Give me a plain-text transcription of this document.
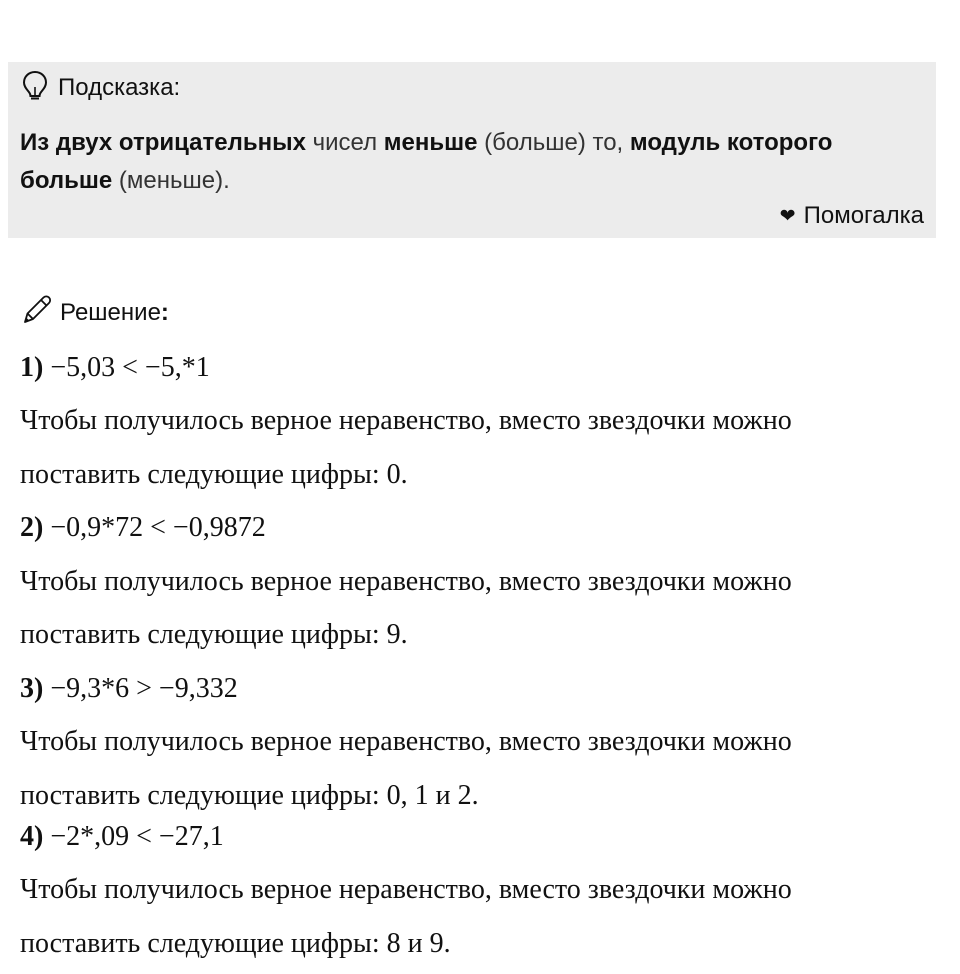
Подсказка:
Из двух отрицательных чисел меньше (больше) то, модуль которого
больше (меньше).
❤ Помогалка
Решение :
1) −5,03 < −5,*1
Чтобы получилось верное неравенство, вместо звездочки можно
поставить следующие цифры: 0.
2) −0,9*72 < −0,9872
Чтобы получилось верное неравенство, вместо звездочки можно
поставить следующие цифры: 9.
3) −9,3*6 > −9,332
Чтобы получилось верное неравенство, вместо звездочки можно
поставить следующие цифры: 0, 1 и 2.
4) −2*,09 < −27,1
Чтобы получилось верное неравенство, вместо звездочки можно
поставить следующие цифры: 8 и 9.
